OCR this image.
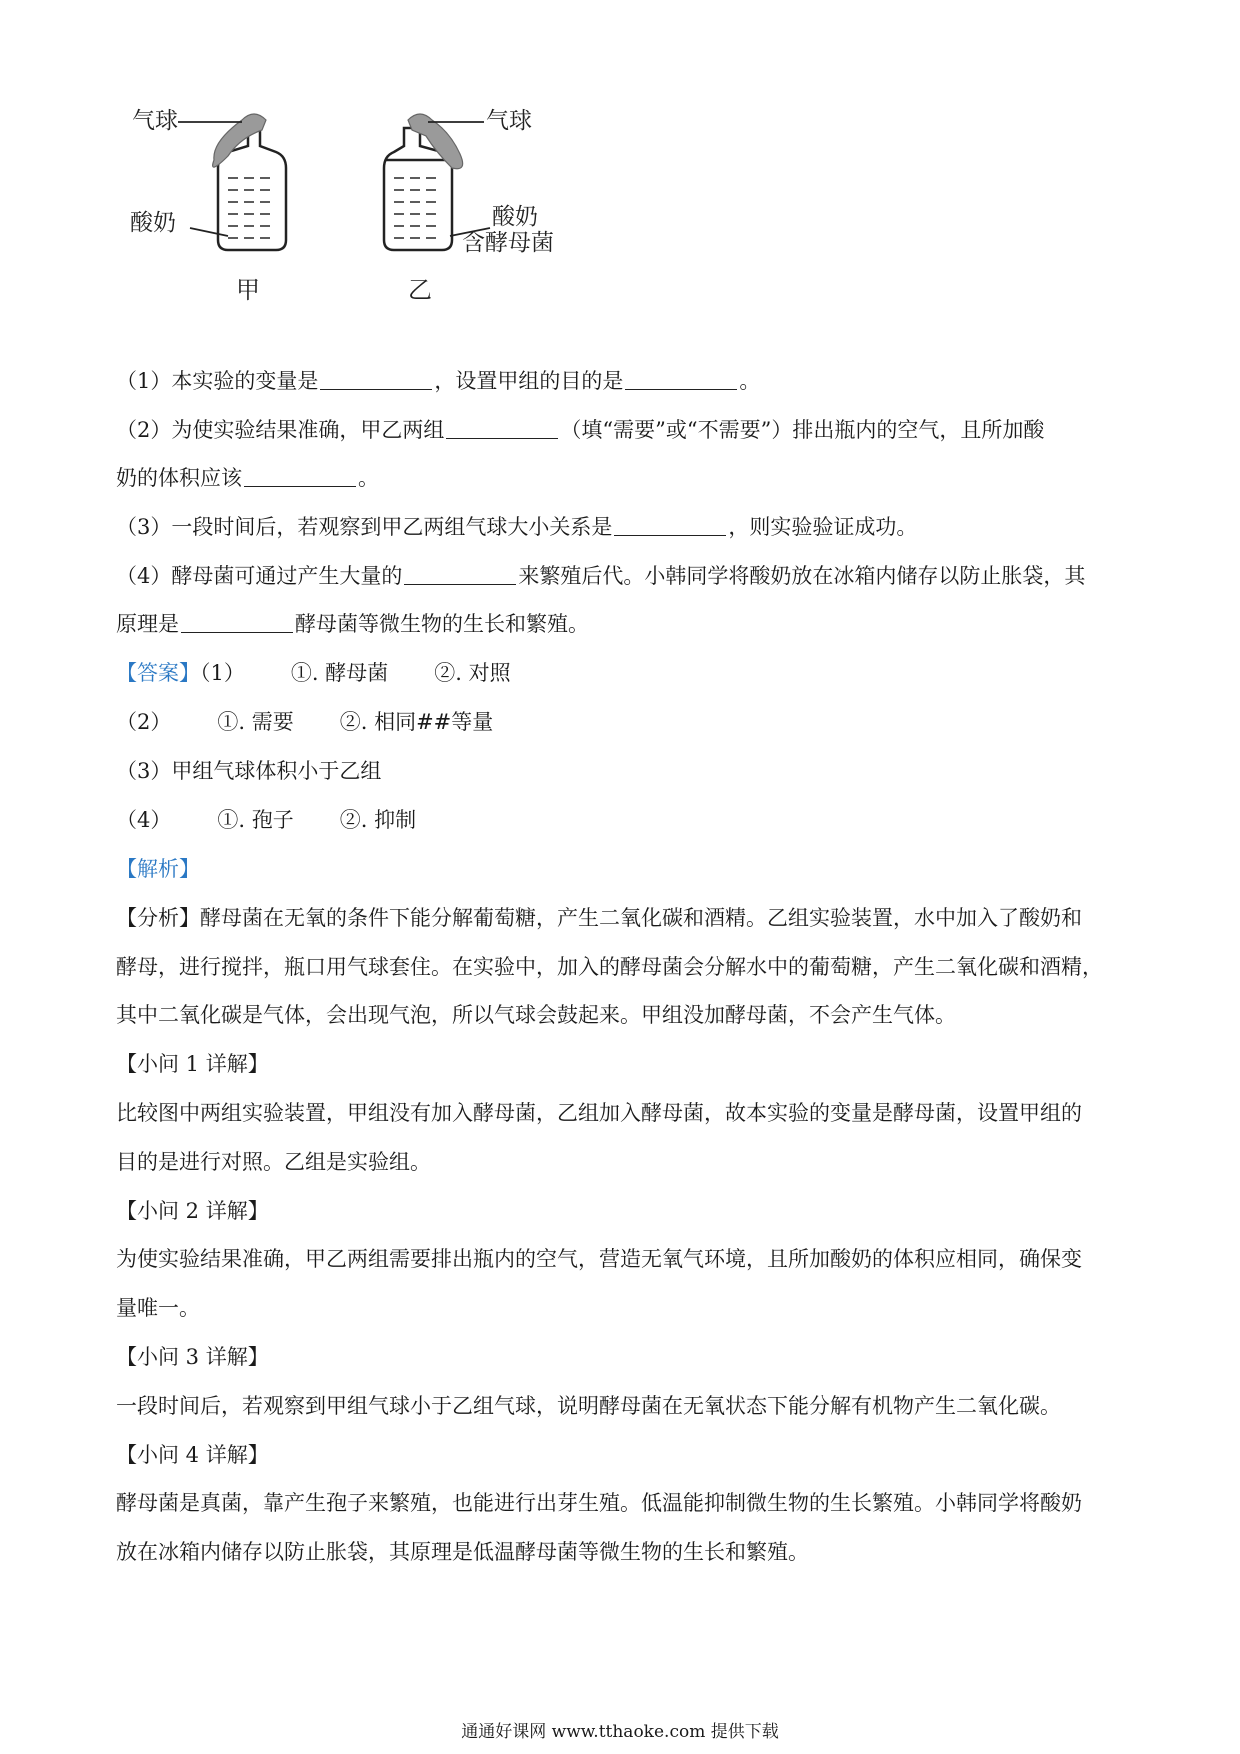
气球
酸奶
甲
气球
酸奶
含酵母菌
乙
（1）本实验的变量是	，设置甲组的目的是	。
（2）为使实验结果准确，甲乙两组	（填“需要”或“不需要”）排出瓶内的空气，且所加酸
奶的体积应该	。
（3）一段时间后，若观察到甲乙两组气球大小关系是	，则实验验证成功。
（4）酵母菌可通过产生大量的	来繁殖后代。小韩同学将酸奶放在冰箱内储存以防止胀袋，其
原理是	酵母菌等微生物的生长和繁殖。
【答案】（1） ①. 酵母菌 ②. 对照
（2） ①. 需要 ②. 相同##等量
（3）甲组气球体积小于乙组
（4） ①. 孢子 ②. 抑制
【解析】
【分析】酵母菌在无氧的条件下能分解葡萄糖，产生二氧化碳和酒精。乙组实验装置，水中加入了酸奶和
酵母，进行搅拌，瓶口用气球套住。在实验中，加入的酵母菌会分解水中的葡萄糖，产生二氧化碳和酒精，
其中二氧化碳是气体，会出现气泡，所以气球会鼓起来。甲组没加酵母菌，不会产生气体。
【小问 1 详解】
比较图中两组实验装置，甲组没有加入酵母菌，乙组加入酵母菌，故本实验的变量是酵母菌，设置甲组的
目的是进行对照。乙组是实验组。
【小问 2 详解】
为使实验结果准确，甲乙两组需要排出瓶内的空气，营造无氧气环境，且所加酸奶的体积应相同，确保变
量唯一。
【小问 3 详解】
一段时间后，若观察到甲组气球小于乙组气球，说明酵母菌在无氧状态下能分解有机物产生二氧化碳。
【小问 4 详解】
酵母菌是真菌，靠产生孢子来繁殖，也能进行出芽生殖。低温能抑制微生物的生长繁殖。小韩同学将酸奶
放在冰箱内储存以防止胀袋，其原理是低温酵母菌等微生物的生长和繁殖。
通通好课网 www.tthaoke.com 提供下载
